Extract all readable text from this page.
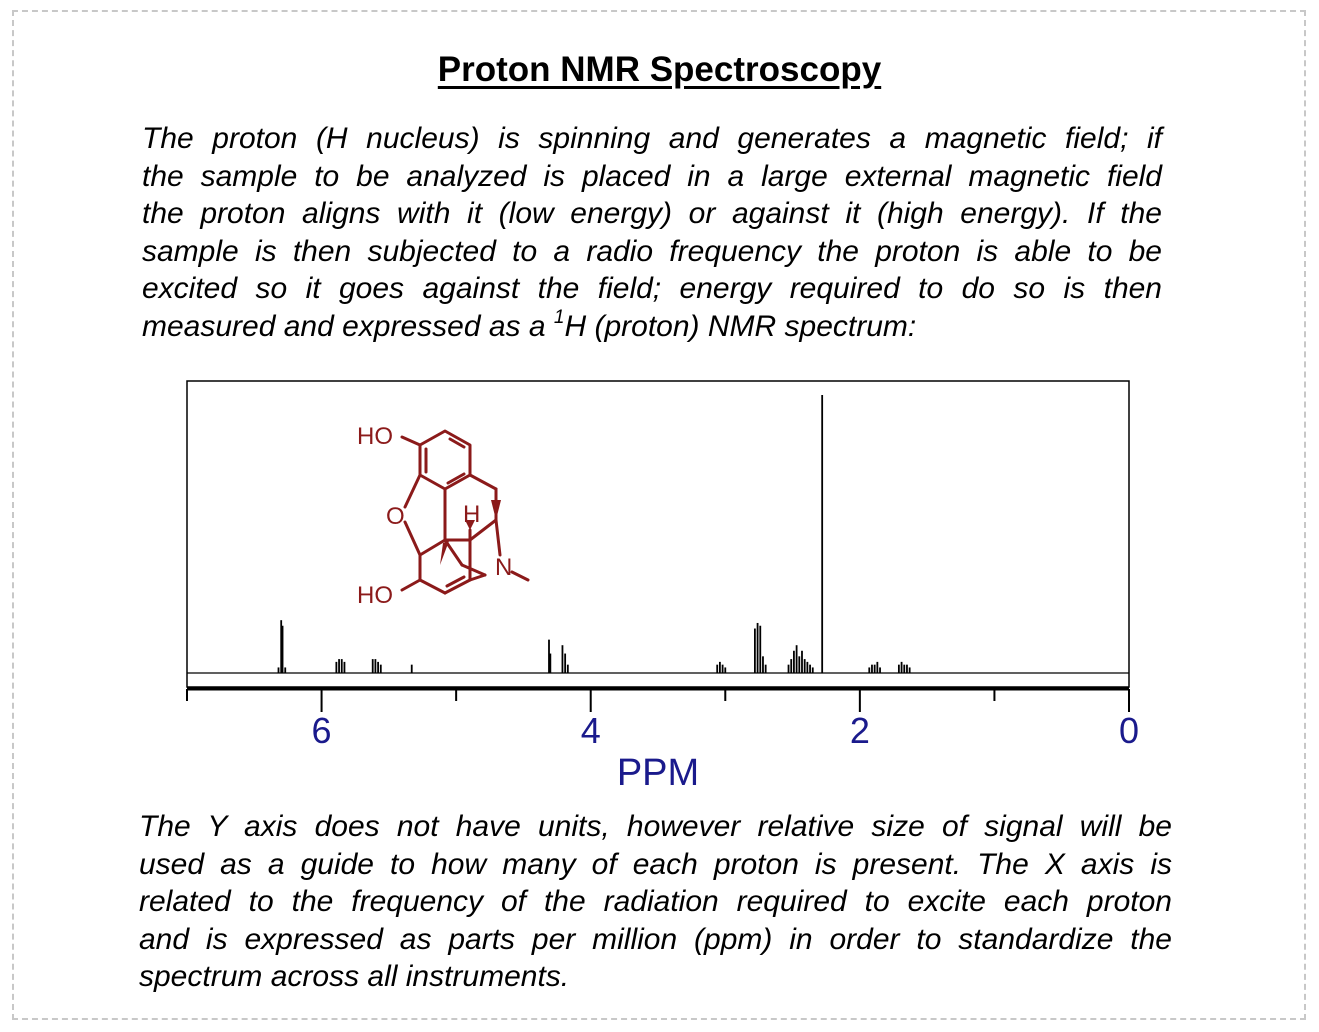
Proton NMR Spectroscopy
The proton (H nucleus) is spinning and generates a magnetic field; if
the sample to be analyzed is placed in a large external magnetic field
the proton aligns with it (low energy) or against it (high energy). If the
sample is then subjected to a radio frequency the proton is able to be
excited so it goes against the field; energy required to do so is then
measured and expressed as a $^1$H (proton) NMR spectrum:
6	4	2	0
PPM
HO
O H
N
HO
The Y axis does not have units, however relative size of signal will be
used as a guide to how many of each proton is present. The X axis is
related to the frequency of the radiation required to excite each proton
and is expressed as parts per million (ppm) in order to standardize the
spectrum across all instruments.
